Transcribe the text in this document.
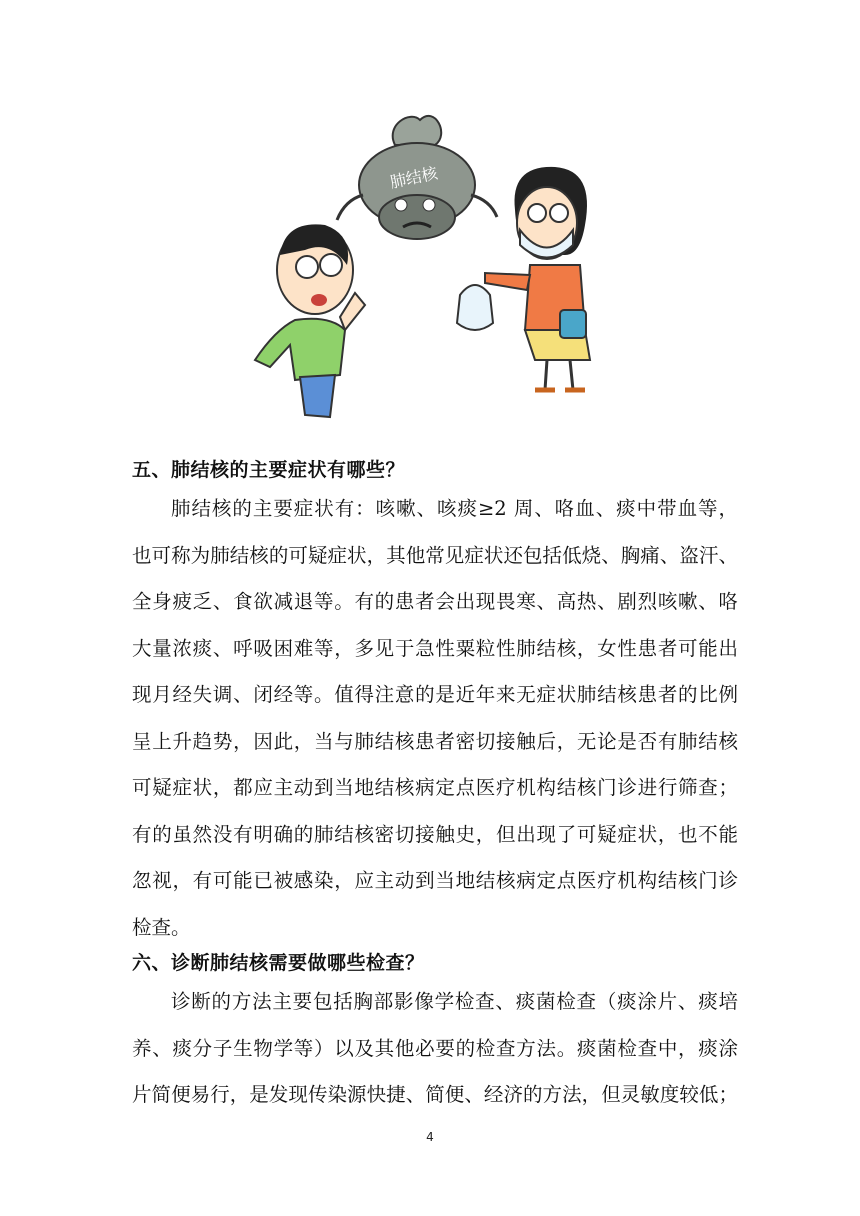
肺结核
五、肺结核的主要症状有哪些？
肺结核的主要症状有：咳嗽、咳痰≥2 周、咯血、痰中带血等，
也可称为肺结核的可疑症状，其他常见症状还包括低烧、胸痛、盗汗、
全身疲乏、食欲减退等。有的患者会出现畏寒、高热、剧烈咳嗽、咯
大量浓痰、呼吸困难等，多见于急性粟粒性肺结核，女性患者可能出
现月经失调、闭经等。值得注意的是近年来无症状肺结核患者的比例
呈上升趋势，因此，当与肺结核患者密切接触后，无论是否有肺结核
可疑症状，都应主动到当地结核病定点医疗机构结核门诊进行筛查；
有的虽然没有明确的肺结核密切接触史，但出现了可疑症状，也不能
忽视，有可能已被感染，应主动到当地结核病定点医疗机构结核门诊
检查。
六、诊断肺结核需要做哪些检查？
诊断的方法主要包括胸部影像学检查、痰菌检查（痰涂片、痰培
养、痰分子生物学等）以及其他必要的检查方法。痰菌检查中，痰涂
片简便易行，是发现传染源快捷、简便、经济的方法，但灵敏度较低；
4
